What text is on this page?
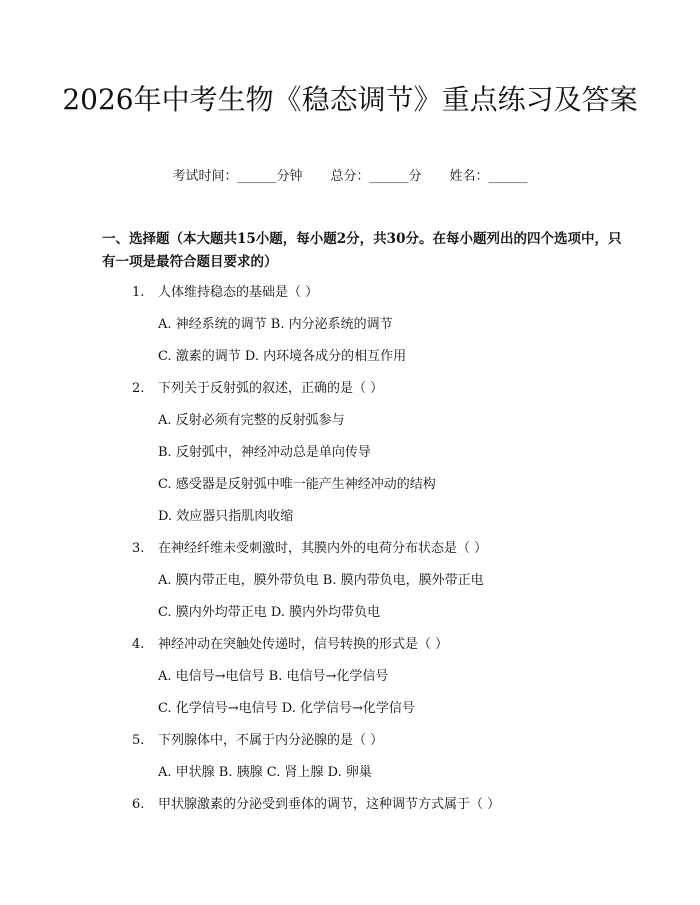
2026年中考生物《稳态调节》重点练习及答案
考试时间：______分钟 总分：______分 姓名：______

一、选择题（本大题共15小题，每小题2分，共30分。在每小题列出的四个选项中，只有一项是最符合题目要求的）

1. 人体维持稳态的基础是（ ）
A. 神经系统的调节 B. 内分泌系统的调节
C. 激素的调节 D. 内环境各成分的相互作用
2. 下列关于反射弧的叙述，正确的是（ ）
A. 反射必须有完整的反射弧参与
B. 反射弧中，神经冲动总是单向传导
C. 感受器是反射弧中唯一能产生神经冲动的结构
D. 效应器只指肌肉收缩
3. 在神经纤维未受刺激时，其膜内外的电荷分布状态是（ ）
A. 膜内带正电，膜外带负电 B. 膜内带负电，膜外带正电
C. 膜内外均带正电 D. 膜内外均带负电
4. 神经冲动在突触处传递时，信号转换的形式是（ ）
A. 电信号→电信号 B. 电信号→化学信号
C. 化学信号→电信号 D. 化学信号→化学信号
5. 下列腺体中，不属于内分泌腺的是（ ）
A. 甲状腺 B. 胰腺 C. 肾上腺 D. 卵巢
6. 甲状腺激素的分泌受到垂体的调节，这种调节方式属于（ ）
